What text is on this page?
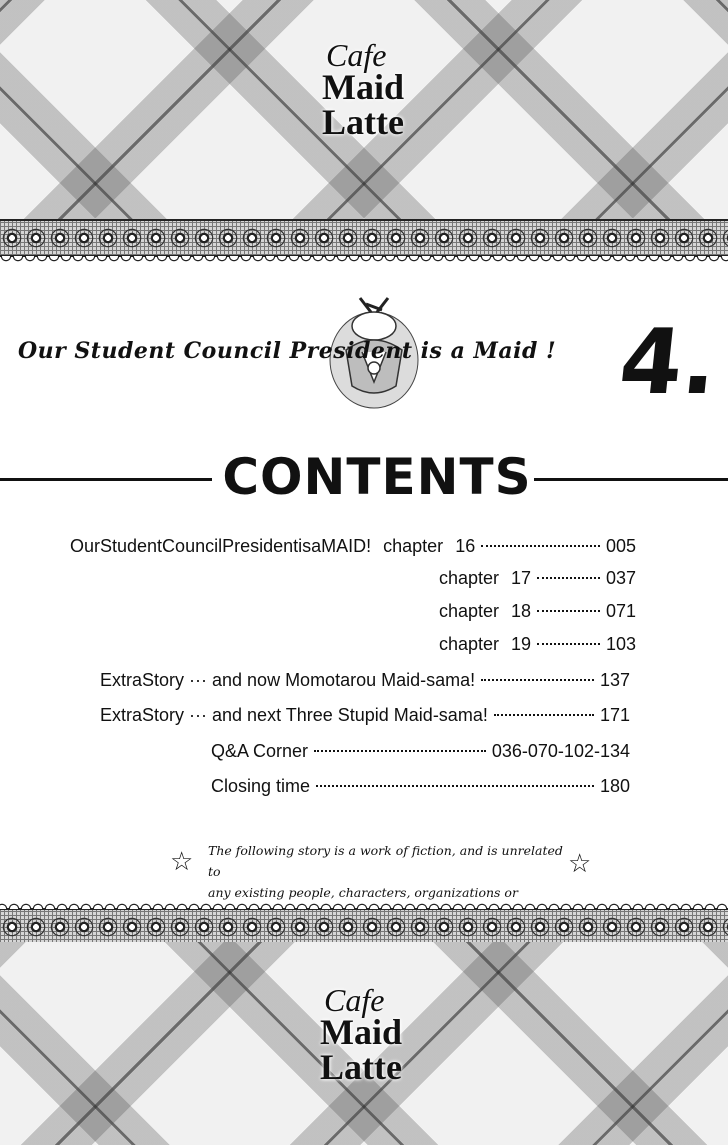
Cafe
Maid
Latte
Our Student Council President is a Maid ! 4.
CONTENTS
OurStudentCouncilPresidentisaMAID! chapter 16	005
chapter 17	037
chapter 18	071
chapter 19	103
ExtraStory ··· and now Momotarou Maid-sama!	137
ExtraStory ··· and next Three Stupid Maid-sama!	171
Q&A Corner	036-070-102-134
Closing time	180
☆ The following story is a work of fiction, and is unrelated to
any existing people, characters, organizations or
☆
Cafe
Maid
Latte
